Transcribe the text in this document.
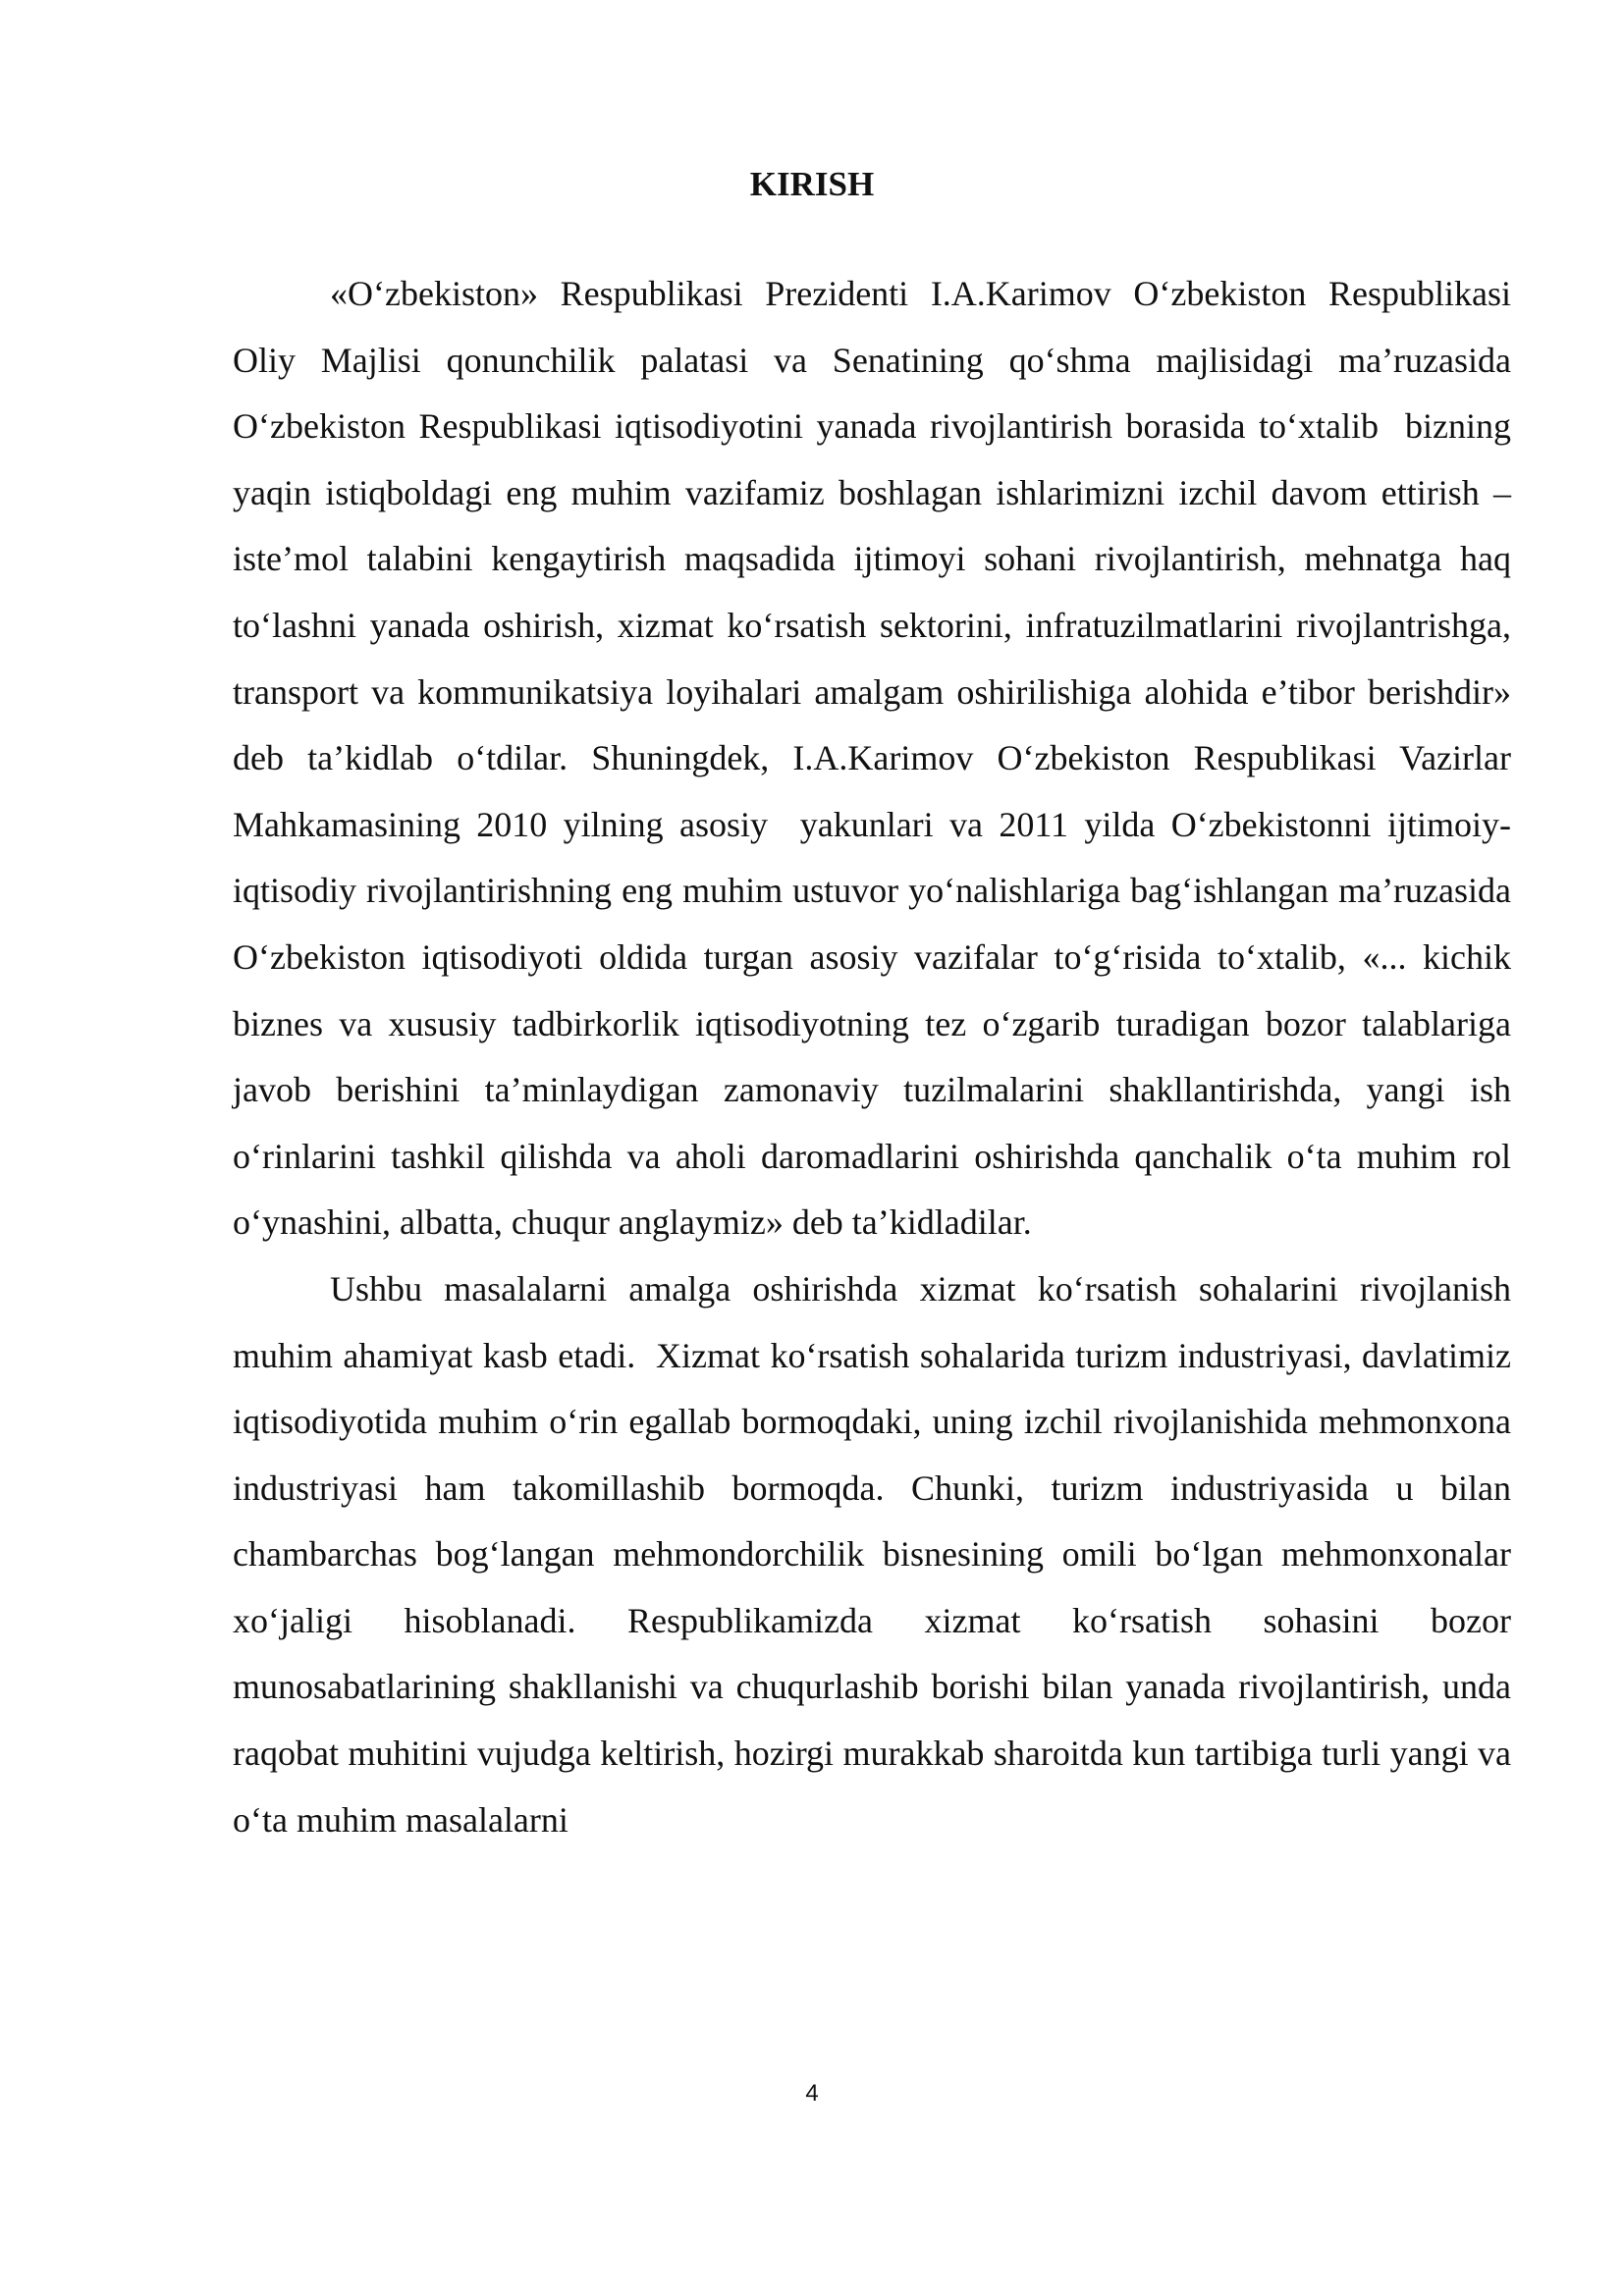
KIRISH

«O‘zbekiston» Respublikasi Prezidenti I.A.Karimov O‘zbekiston Respublikasi Oliy Majlisi qonunchilik palatasi va Senatining qo‘shma majlisidagi ma’ruzasida O‘zbekiston Respublikasi iqtisodiyotini yanada rivojlantirish borasida to‘xtalib  bizning yaqin istiqboldagi eng muhim vazifamiz boshlagan ishlarimizni izchil davom ettirish – iste’mol talabini kengaytirish maqsadida ijtimoyi sohani rivojlantirish, mehnatga haq to‘lashni yanada oshirish, xizmat ko‘rsatish sektorini, infratuzilmatlarini rivojlantrishga, transport va kommunikatsiya loyihalari amalgam oshirilishiga alohida e’tibor berishdir» deb ta’kidlab o‘tdilar. Shuningdek, I.A.Karimov O‘zbekiston Respublikasi Vazirlar Mahkamasining 2010 yilning asosiy  yakunlari va 2011 yilda O‘zbekistonni ijtimoiy-iqtisodiy rivojlantirishning eng muhim ustuvor yo‘nalishlariga bag‘ishlangan ma’ruzasida O‘zbekiston iqtisodiyoti oldida turgan asosiy vazifalar to‘g‘risida to‘xtalib, «... kichik biznes va xususiy tadbirkorlik iqtisodiyotning tez o‘zgarib turadigan bozor talablariga javob berishini ta’minlaydigan zamonaviy tuzilmalarini shakllantirishda, yangi ish o‘rinlarini tashkil qilishda va aholi daromadlarini oshirishda qanchalik o‘ta muhim rol o‘ynashini, albatta, chuqur anglaymiz» deb ta’kidladilar.

Ushbu masalalarni amalga oshirishda xizmat ko‘rsatish sohalarini rivojlanish muhim ahamiyat kasb etadi.  Xizmat ko‘rsatish sohalarida turizm industriyasi, davlatimiz iqtisodiyotida muhim o‘rin egallab bormoqdaki, uning izchil rivojlanishida mehmonxona industriyasi ham takomillashib bormoqda. Chunki, turizm industriyasida u bilan chambarchas bog‘langan mehmondorchilik bisnesining omili bo‘lgan mehmonxonalar xo‘jaligi hisoblanadi. Respublikamizda xizmat ko‘rsatish sohasini bozor munosabatlarining shakllanishi va chuqurlashib borishi bilan yanada rivojlantirish, unda raqobat muhitini vujudga keltirish, hozirgi murakkab sharoitda kun tartibiga turli yangi va o‘ta muhim masalalarni

4
